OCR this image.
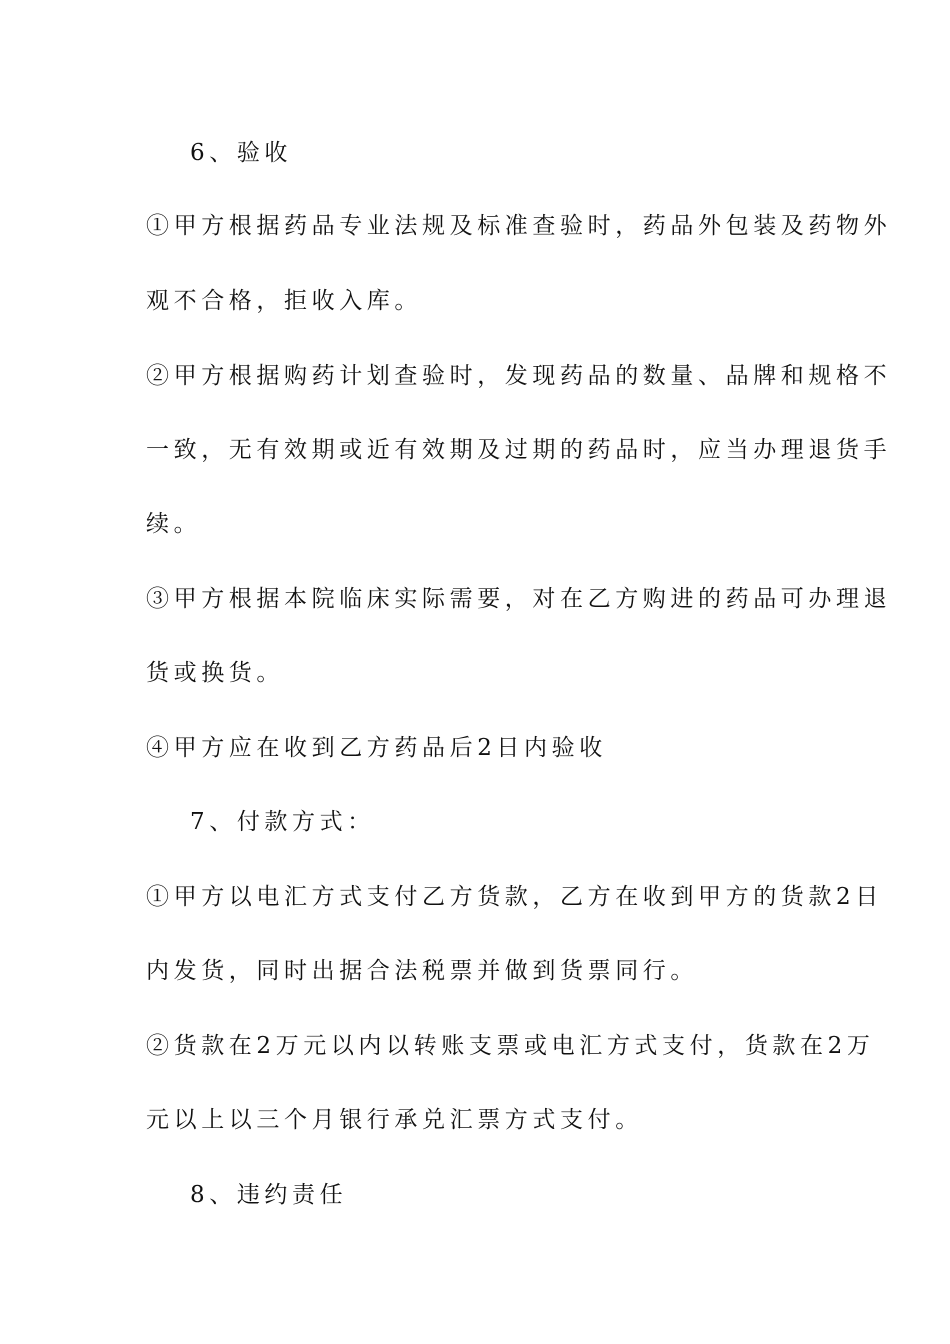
6、验收
①甲方根据药品专业法规及标准查验时，药品外包装及药物外
观不合格，拒收入库。
②甲方根据购药计划查验时，发现药品的数量、品牌和规格不
一致，无有效期或近有效期及过期的药品时，应当办理退货手
续。
③甲方根据本院临床实际需要，对在乙方购进的药品可办理退
货或换货。
④甲方应在收到乙方药品后2日内验收
7、付款方式：
①甲方以电汇方式支付乙方货款，乙方在收到甲方的货款2日
内发货，同时出据合法税票并做到货票同行。
②货款在2万元以内以转账支票或电汇方式支付，货款在2万
元以上以三个月银行承兑汇票方式支付。
8、违约责任
